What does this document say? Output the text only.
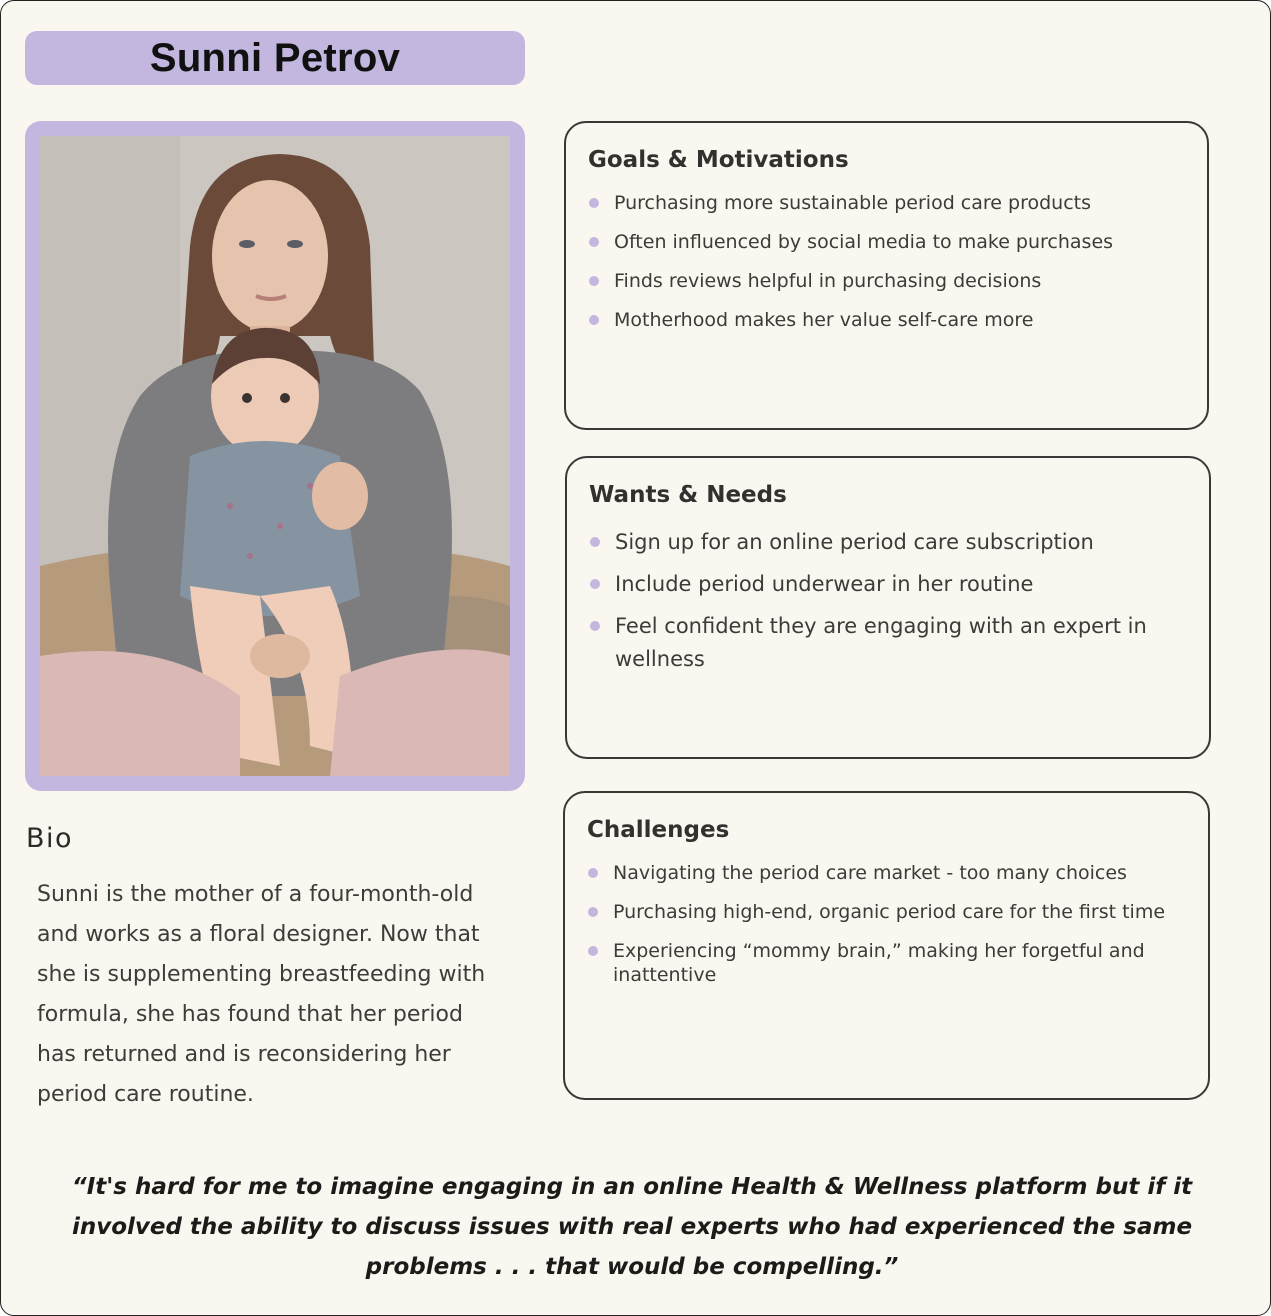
Sunni Petrov
Bio

Sunni is the mother of a four-month-old and works as a floral designer. Now that she is supplementing breastfeeding with formula, she has found that her period has returned and is reconsidering her period care routine.

Goals & Motivations
Purchasing more sustainable period care products
Often influenced by social media to make purchases
Finds reviews helpful in purchasing decisions
Motherhood makes her value self-care more
Wants & Needs
Sign up for an online period care subscription
Include period underwear in her routine
Feel confident they are engaging with an expert in wellness
Challenges
Navigating the period care market - too many choices
Purchasing high-end, organic period care for the first time
Experiencing “mommy brain,” making her forgetful and inattentive

“It's hard for me to imagine engaging in an online Health & Wellness platform but if it involved the ability to discuss issues with real experts who had experienced the same problems . . . that would be compelling.”
